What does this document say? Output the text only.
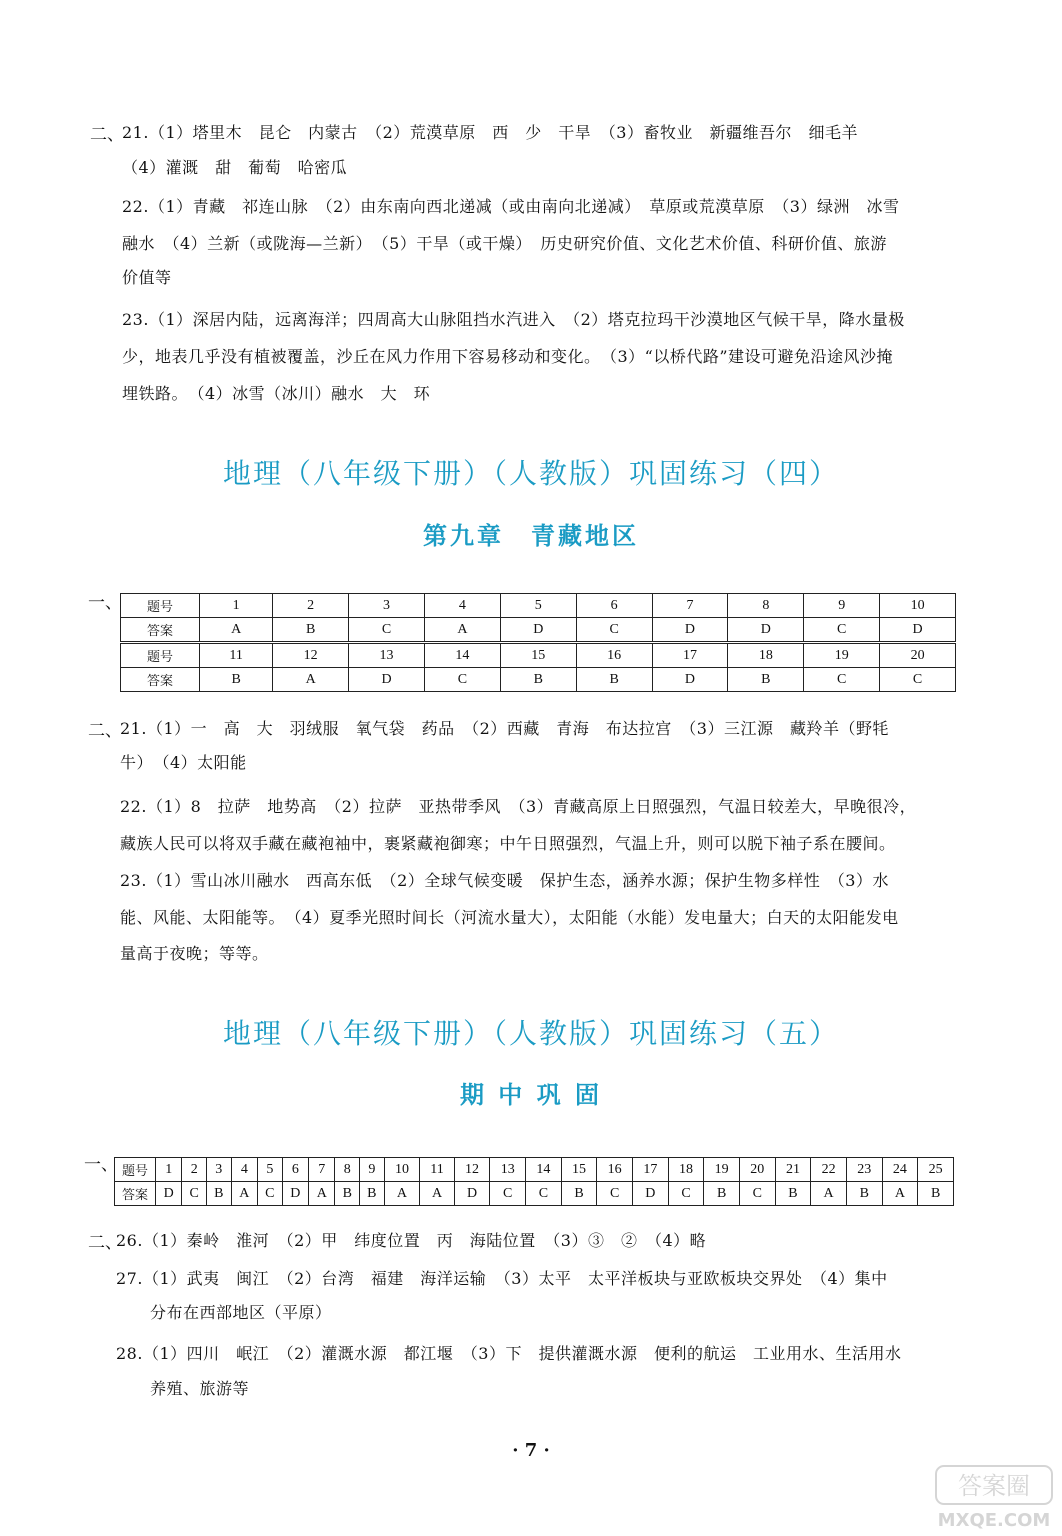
二、
21.（1）塔里木　昆仑　内蒙古　（2）荒漠草原　西　少　干旱　（3）畜牧业　新疆维吾尔　细毛羊
（4）灌溉　甜　葡萄　哈密瓜
22.（1）青藏　祁连山脉　（2）由东南向西北递减（或由南向北递减）　草原或荒漠草原　（3）绿洲　冰雪
融水　（4）兰新（或陇海—兰新）　（5）干旱（或干燥）　历史研究价值、文化艺术价值、科研价值、旅游
价值等
23.（1）深居内陆，远离海洋；四周高大山脉阻挡水汽进入　（2）塔克拉玛干沙漠地区气候干旱，降水量极
少，地表几乎没有植被覆盖，沙丘在风力作用下容易移动和变化。　（3）“以桥代路”建设可避免沿途风沙掩
埋铁路。　（4）冰雪（冰川）融水　大　环
地理（八年级下册）（人教版）巩固练习（四）
第九章　青藏地区
一、 题号	1	2	3	4	5	6	7	8	9	10
答案	A	B	C	A	D	C	D	D	C	D
题号	11	12	13	14	15	16	17	18	19	20
答案	B	A	D	C	B	B	D	B	C	C
二、
21.（1）一　高　大　羽绒服　氧气袋　药品　（2）西藏　青海　布达拉宫　（3）三江源　藏羚羊（野牦
牛）　（4）太阳能
22.（1）8　拉萨　地势高　（2）拉萨　亚热带季风　（3）青藏高原上日照强烈，气温日较差大，早晚很冷，
藏族人民可以将双手藏在藏袍袖中，裹紧藏袍御寒；中午日照强烈，气温上升，则可以脱下袖子系在腰间。
23.（1）雪山冰川融水　西高东低　（2）全球气候变暖　保护生态，涵养水源；保护生物多样性　（3）水
能、风能、太阳能等。　（4）夏季光照时间长（河流水量大），太阳能（水能）发电量大；白天的太阳能发电
量高于夜晚；等等。
地理（八年级下册）（人教版）巩固练习（五）
期 中 巩 固
一、 题号	1	2	3	4	5	6	7	8	9	10	11	12	13	14	15	16	17	18	19	20	21	22	23	24	25
答案	D	C	B	A	C	D	A	B	B	A	A	D	C	C	B	C	D	C	B	C	B	A	B	A	B
二、
26.（1）秦岭　淮河　（2）甲　纬度位置　丙　海陆位置　（3）③　②　（4）略
27.（1）武夷　闽江　（2）台湾　福建　海洋运输　（3）太平　太平洋板块与亚欧板块交界处　（4）集中
分布在西部地区（平原）
28.（1）四川　岷江　（2）灌溉水源　都江堰　（3）下　提供灌溉水源　便利的航运　工业用水、生活用水
养殖、旅游等
· 7 ·
答案圈
MXQE.COM
